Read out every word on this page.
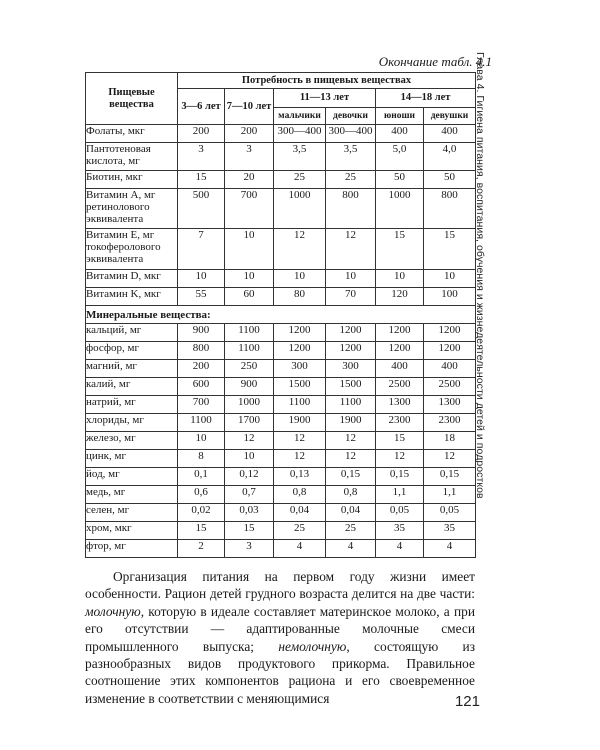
Окончание табл. 4.1
Глава 4. Гигиена питания, воспитания, обучения и жизнедеятельности детей и подростков
Пищевые вещества	Потребность в пищевых веществах					
	3—6 лет	7—10 лет	11—13 лет		14—18 лет	
			мальчики	девочки	юноши	девушки
Фолаты, мкг	200	200	300—400	300—400	400	400
Пантотеновая кислота, мг	3	3	3,5	3,5	5,0	4,0
Биотин, мкг	15	20	25	25	50	50
Витамин А, мг ретинолового эквивалента	500	700	1000	800	1000	800
Витамин Е, мг токоферолового эквивалента	7	10	12	12	15	15
Витамин D, мкг	10	10	10	10	10	10
Витамин K, мкг	55	60	80	70	120	100
Минеральные вещества:						
кальций, мг	900	1100	1200	1200	1200	1200
фосфор, мг	800	1100	1200	1200	1200	1200
магний, мг	200	250	300	300	400	400
калий, мг	600	900	1500	1500	2500	2500
натрий, мг	700	1000	1100	1100	1300	1300
хлориды, мг	1100	1700	1900	1900	2300	2300
железо, мг	10	12	12	12	15	18
цинк, мг	8	10	12	12	12	12
йод, мг	0,1	0,12	0,13	0,15	0,15	0,15
медь, мг	0,6	0,7	0,8	0,8	1,1	1,1
селен, мг	0,02	0,03	0,04	0,04	0,05	0,05
хром, мкг	15	15	25	25	35	35
фтор, мг	2	3	4	4	4	4
Организация питания на первом году жизни имеет особенности. Рацион детей грудного возраста делится на две части: молочную, которую в идеале составляет материнское молоко, а при его отсутствии — адаптированные молочные смеси промышленного выпуска; немолочную, состоящую из разнообразных видов продуктового прикорма. Правильное соотношение этих компонентов рациона и его своевременное изменение в соответствии с меняющимися	121
